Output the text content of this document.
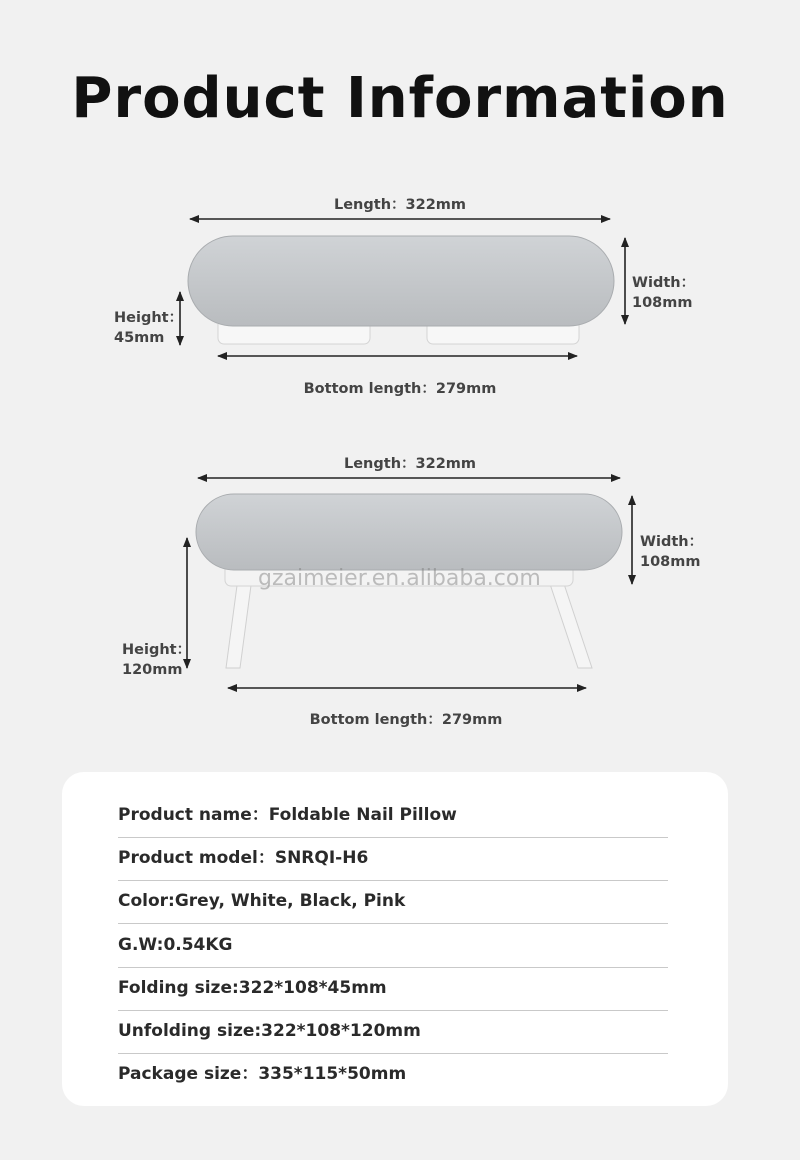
Product Information
Length：322mm
Width：
108mm
Height：
45mm
Bottom length：279mm
Length：322mm
Width：
108mm
Height：
120mm
Bottom length：279mm
gzaimeier.en.alibaba.com
Product name：Foldable Nail Pillow
Product model：SNRQI-H6
Color:Grey, White, Black, Pink
G.W:0.54KG
Folding size:322*108*45mm
Unfolding size:322*108*120mm
Package size：335*115*50mm
